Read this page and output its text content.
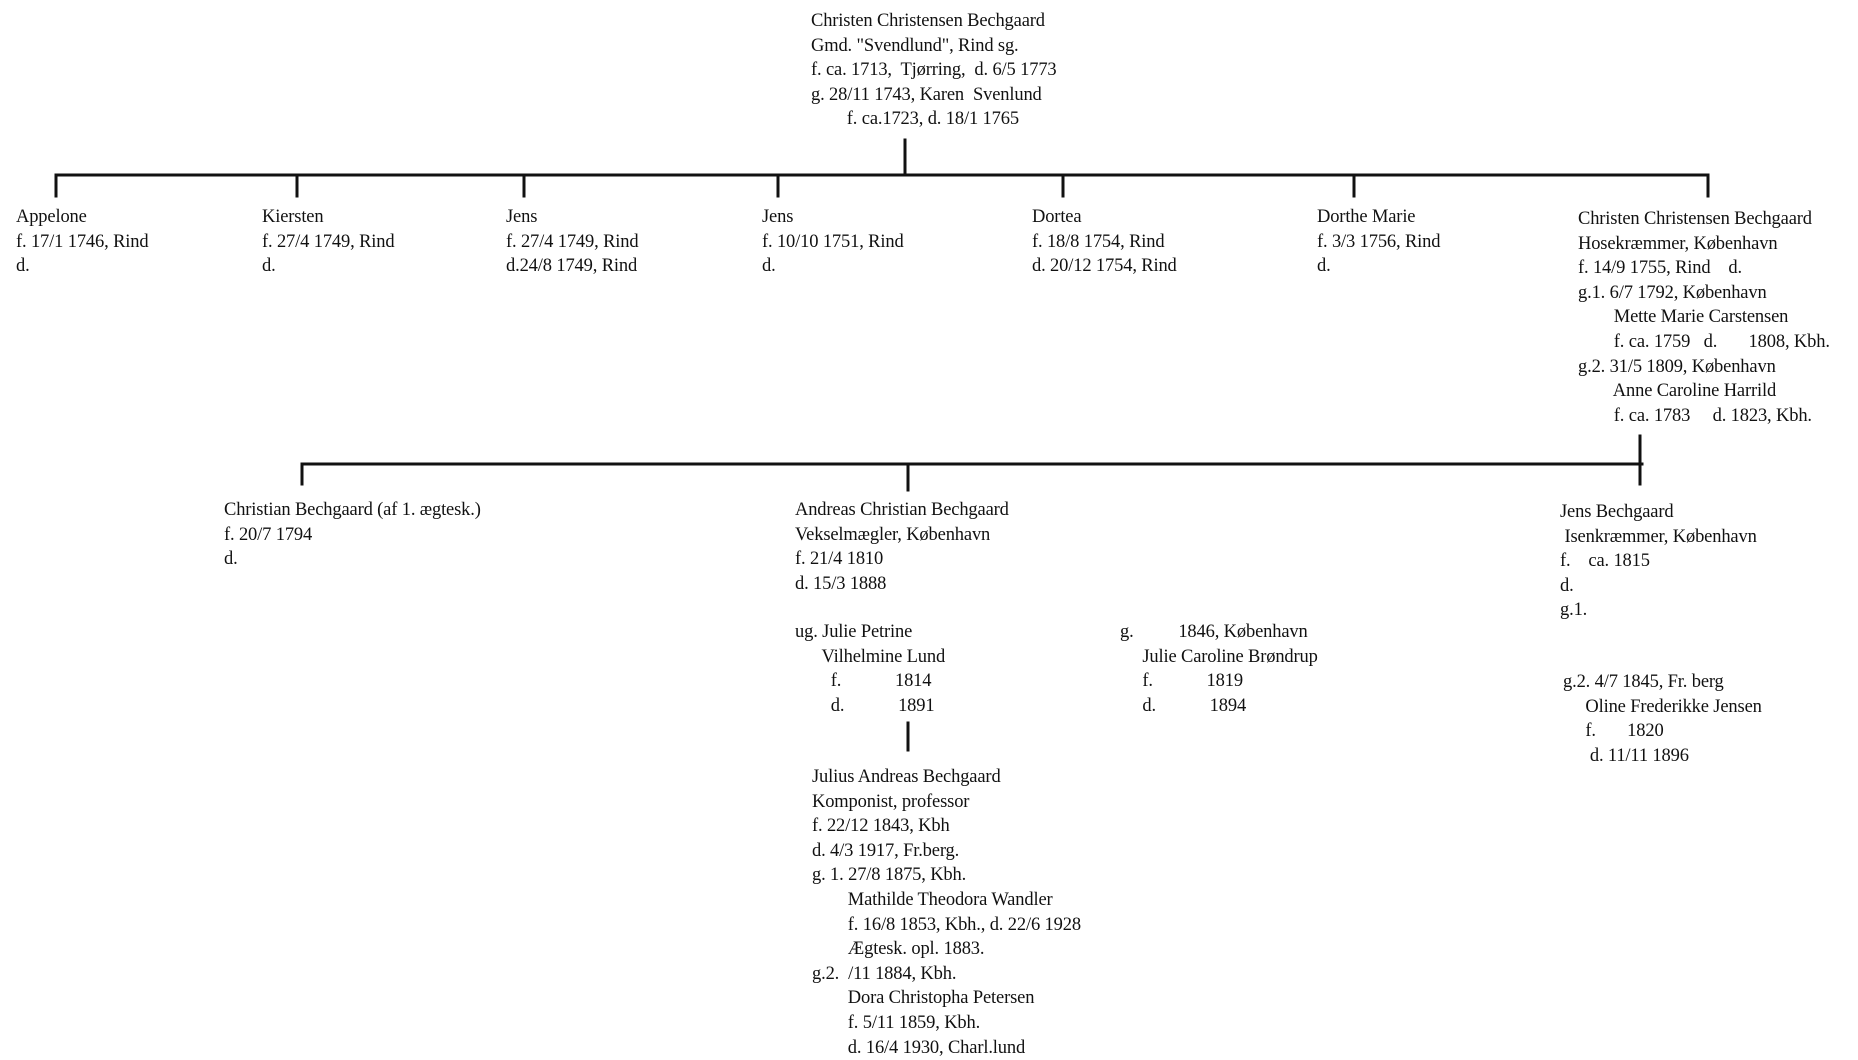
Christen Christensen Bechgaard
Gmd. "Svendlund", Rind sg.
f. ca. 1713,  Tjørring,  d. 6/5 1773
g. 28/11 1743, Karen  Svenlund
f. ca.1723, d. 18/1 1765
Appelone
f. 17/1 1746, Rind
d.
Kiersten
f. 27/4 1749, Rind
d.
Jens
f. 27/4 1749, Rind
d.24/8 1749, Rind
Jens
f. 10/10 1751, Rind
d.
Dortea
f. 18/8 1754, Rind
d. 20/12 1754, Rind
Dorthe Marie
f. 3/3 1756, Rind
d.
Christen Christensen Bechgaard
Hosekræmmer, København
f. 14/9 1755, Rind    d.
g.1. 6/7 1792, København
Mette Marie Carstensen
f. ca. 1759   d.       1808, Kbh.
g.2. 31/5 1809, København
Anne Caroline Harrild
f. ca. 1783     d. 1823, Kbh.
Christian Bechgaard (af 1. ægtesk.)
f. 20/7 1794
d.
Andreas Christian Bechgaard
Vekselmægler, København
f. 21/4 1810
d. 15/3 1888
Jens Bechgaard
Isenkræmmer, København
f.    ca. 1815
d.
g.1.
ug. Julie Petrine
Vilhelmine Lund
f.            1814
d.            1891
g.          1846, København
Julie Caroline Brøndrup
f.            1819
d.            1894
g.2. 4/7 1845, Fr. berg
Oline Frederikke Jensen
f.       1820
d. 11/11 1896
Julius Andreas Bechgaard
Komponist, professor
f. 22/12 1843, Kbh
d. 4/3 1917, Fr.berg.
g. 1. 27/8 1875, Kbh.
Mathilde Theodora Wandler
f. 16/8 1853, Kbh., d. 22/6 1928
Ægtesk. opl. 1883.
g.2.  /11 1884, Kbh.
Dora Christopha Petersen
f. 5/11 1859, Kbh.
d. 16/4 1930, Charl.lund
